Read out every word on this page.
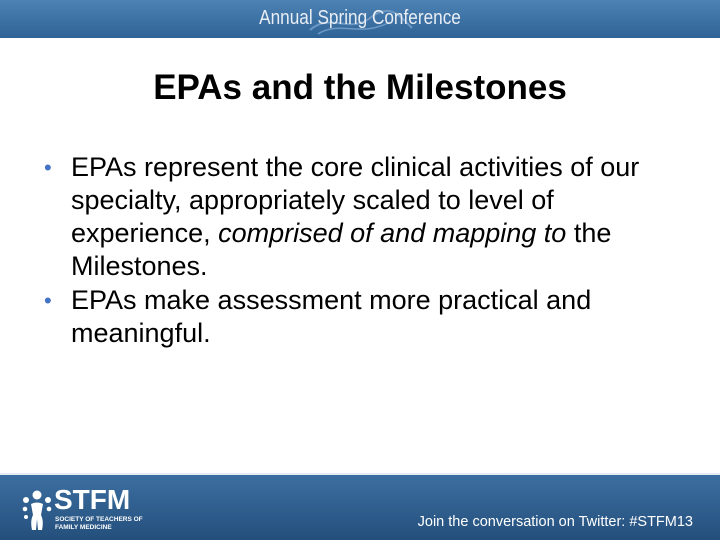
Annual Spring Conference
EPAs and the Milestones
• EPAs represent the core clinical activities of our specialty, appropriately scaled to level of experience, comprised of and mapping to the Milestones.
• EPAs make assessment more practical and meaningful.
STFM
SOCIETY OF TEACHERS OF
FAMILY MEDICINE	Join the conversation on Twitter: #STFM13
